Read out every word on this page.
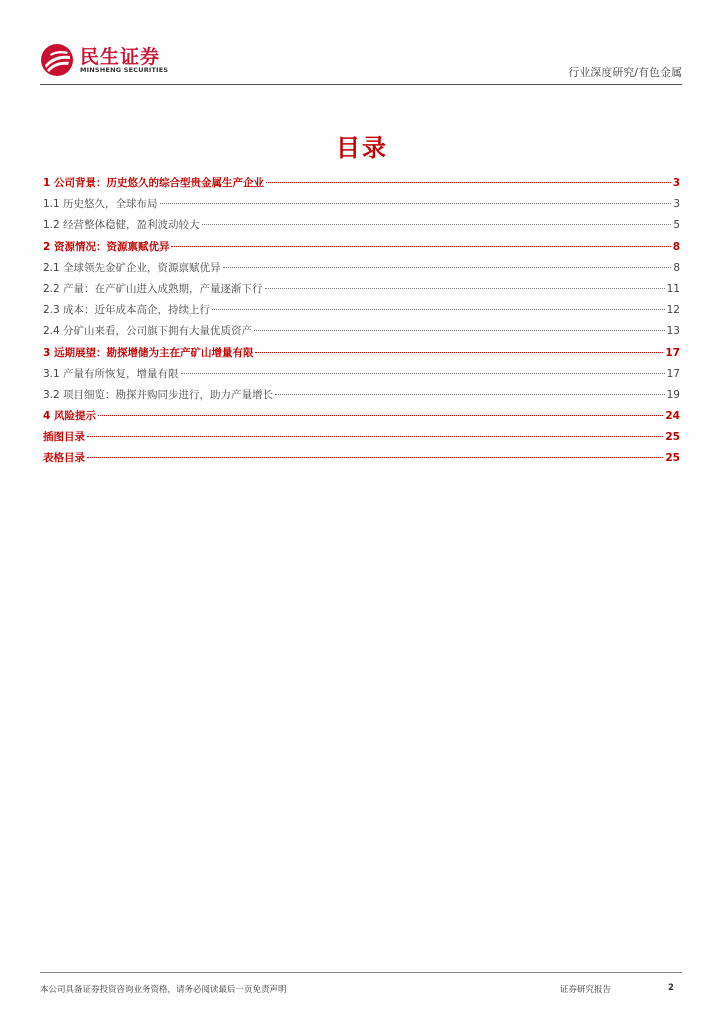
民生证券
MINSHENG SECURITIES	行业深度研究/有色金属
目录
1 公司背景：历史悠久的综合型贵金属生产企业	3
1.1 历史悠久，全球布局	3
1.2 经营整体稳健，盈利波动较大	5
2 资源情况：资源禀赋优异	8
2.1 全球领先金矿企业，资源禀赋优异	8
2.2 产量：在产矿山进入成熟期，产量逐渐下行	11
2.3 成本：近年成本高企，持续上行	12
2.4 分矿山来看，公司旗下拥有大量优质资产	13
3 远期展望：勘探增储为主在产矿山增量有限	17
3.1 产量有所恢复，增量有限	17
3.2 项目细览：勘探并购同步进行，助力产量增长	19
4 风险提示	24
插图目录	25
表格目录	25
本公司具备证券投资咨询业务资格，请务必阅读最后一页免责声明	证券研究报告	2
